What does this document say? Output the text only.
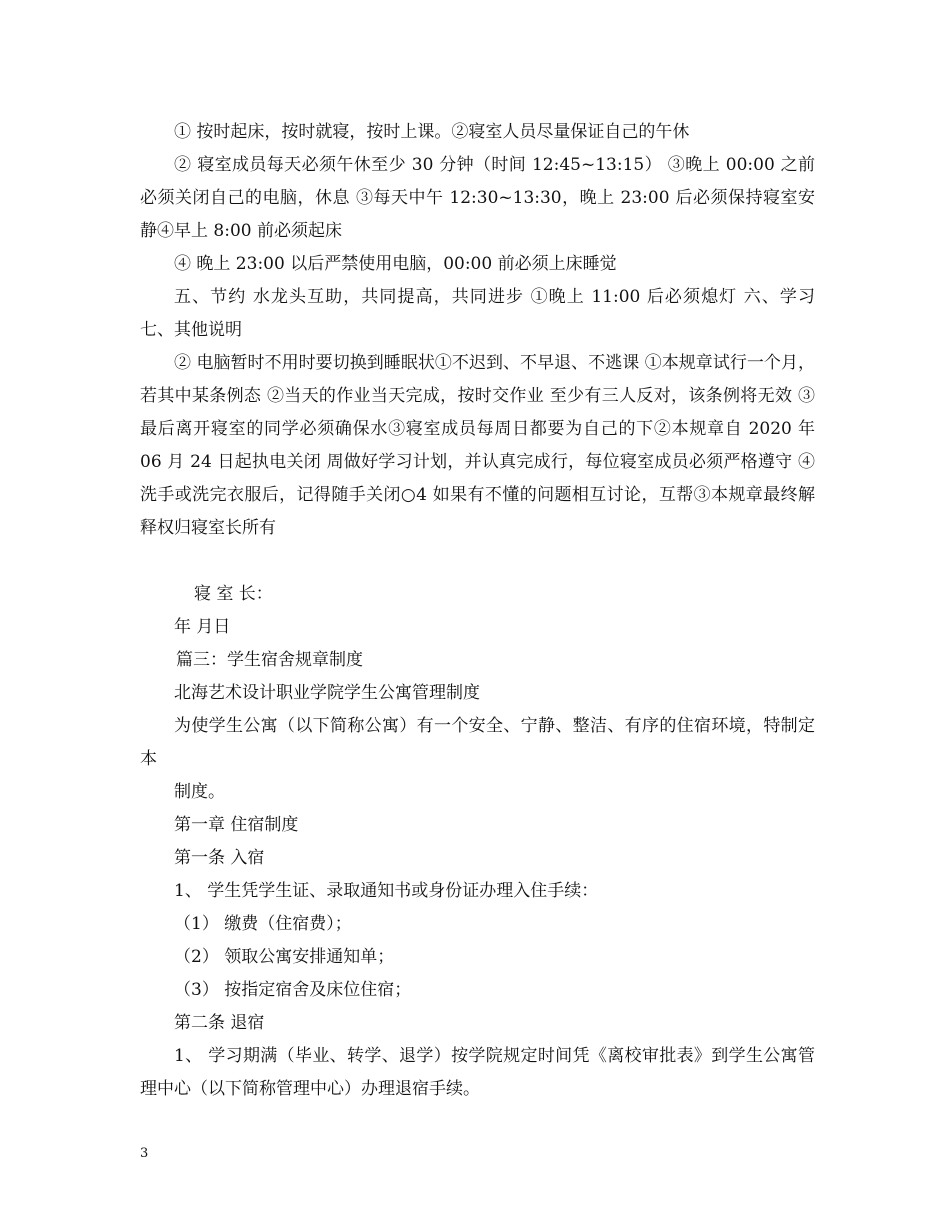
① 按时起床，按时就寝，按时上课。②寝室人员尽量保证自己的午休

② 寝室成员每天必须午休至少 30 分钟（时间 12:45~13:15） ③晚上 00:00 之前必须关闭自己的电脑，休息 ③每天中午 12:30~13:30，晚上 23:00 后必须保持寝室安静④早上 8:00 前必须起床

④ 晚上 23:00 以后严禁使用电脑，00:00 前必须上床睡觉

五、节约 水龙头互助，共同提高，共同进步 ①晚上 11:00 后必须熄灯 六、学习 七、其他说明

② 电脑暂时不用时要切换到睡眠状①不迟到、不早退、不逃课 ①本规章试行一个月，若其中某条例态 ②当天的作业当天完成，按时交作业 至少有三人反对，该条例将无效 ③最后离开寝室的同学必须确保水③寝室成员每周日都要为自己的下②本规章自 2020 年 06 月 24 日起执电关闭 周做好学习计划，并认真完成行，每位寝室成员必须严格遵守 ④洗手或洗完衣服后，记得随手关闭○4 如果有不懂的问题相互讨论，互帮③本规章最终解释权归寝室长所有

寝 室 长：

年 月日

篇三：学生宿舍规章制度

北海艺术设计职业学院学生公寓管理制度

为使学生公寓（以下简称公寓）有一个安全、宁静、整洁、有序的住宿环境，特制定本

制度。

第一章 住宿制度

第一条 入宿

1、 学生凭学生证、录取通知书或身份证办理入住手续：

（1） 缴费（住宿费）；

（2） 领取公寓安排通知单；

（3） 按指定宿舍及床位住宿；

第二条 退宿

1、 学习期满（毕业、转学、退学）按学院规定时间凭《离校审批表》到学生公寓管理中心（以下简称管理中心）办理退宿手续。

3
